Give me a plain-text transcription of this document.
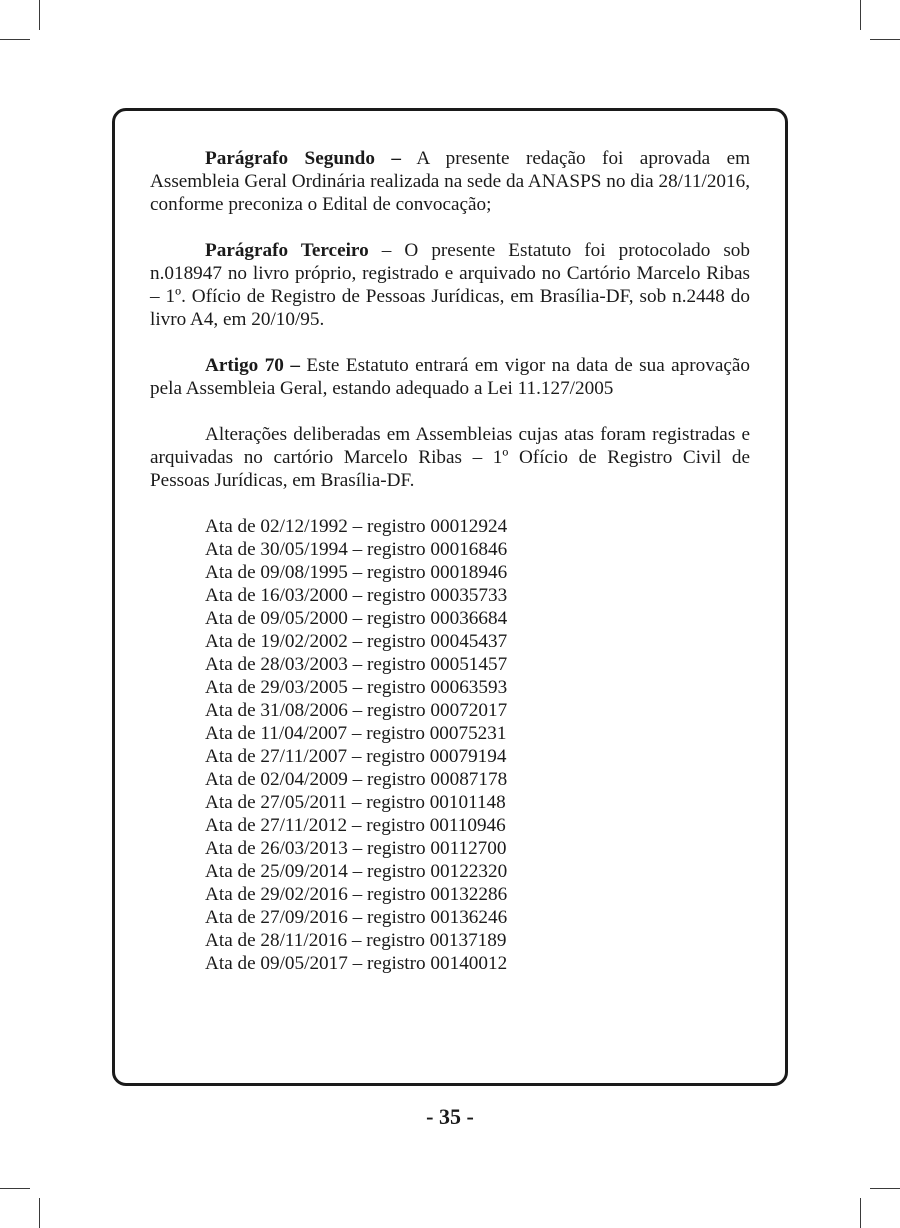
Parágrafo Segundo – A presente redação foi aprovada em Assembleia Geral Ordinária realizada na sede da ANASPS no dia 28/11/2016, conforme preconiza o Edital de convocação;

Parágrafo Terceiro – O presente Estatuto foi protocolado sob n.018947 no livro próprio, registrado e arquivado no Cartório Marcelo Ribas – 1º. Ofício de Registro de Pessoas Jurídicas, em Brasília-DF, sob n.2448 do livro A4, em 20/10/95.

Artigo 70 – Este Estatuto entrará em vigor na data de sua aprovação pela Assembleia Geral, estando adequado a Lei 11.127/2005

Alterações deliberadas em Assembleias cujas atas foram registradas e arquivadas no cartório Marcelo Ribas – 1º Ofício de Registro Civil de Pessoas Jurídicas, em Brasília-DF.

Ata de 02/12/1992 – registro 00012924
Ata de 30/05/1994 – registro 00016846
Ata de 09/08/1995 – registro 00018946
Ata de 16/03/2000 – registro 00035733
Ata de 09/05/2000 – registro 00036684
Ata de 19/02/2002 – registro 00045437
Ata de 28/03/2003 – registro 00051457
Ata de 29/03/2005 – registro 00063593
Ata de 31/08/2006 – registro 00072017
Ata de 11/04/2007 – registro 00075231
Ata de 27/11/2007 – registro 00079194
Ata de 02/04/2009 – registro 00087178
Ata de 27/05/2011 – registro 00101148
Ata de 27/11/2012 – registro 00110946
Ata de 26/03/2013 – registro 00112700
Ata de 25/09/2014 – registro 00122320
Ata de 29/02/2016 – registro 00132286
Ata de 27/09/2016 – registro 00136246
Ata de 28/11/2016 – registro 00137189
Ata de 09/05/2017 – registro 00140012
- 35 -
